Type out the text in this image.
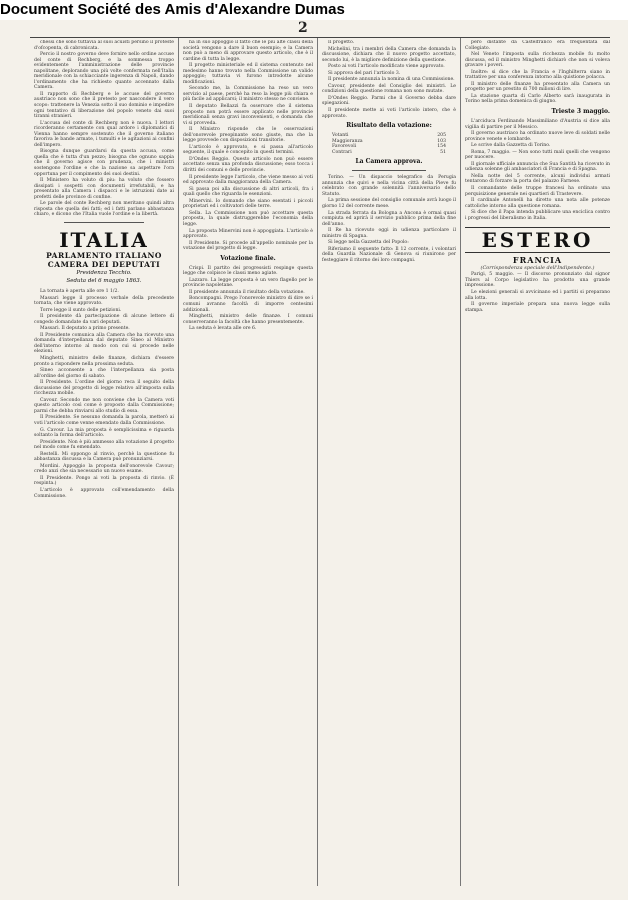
Document Société des Amis d'Alexandre Dumas
2

chessi che sono tuttavia al suoi acuisti persino il proteste d'ofcopenta, di cabronicata.

Percio il nostro governo deve fornire nello ordine accuse del conte di Rechberg, e la sommessa troppo evidentemente l'amministrazione delle provincie napolitane, deplorando una più volte confermata nell'Italia meridionale con la schiacciante ingerenza di Napoli, dando l'ordinamento che ha richiesto quanto accennato dalla Camera.

Il rapporto di Rechberg e le accuse del governo austriaco non sono che il pretesto per nascondere il vero scopo: trattenere la Venezia sotto il suo dominio e impedire ogni tentativo di liberazione del popolo veneto dai suoi tiranni stranieri.

L'accusa del conte di Rechberg non è nuova. I lettori ricorderanno certamente con qual ardore i diplomatici di Vienna hanno sempre sostenuto che il governo italiano favoriva le bande armate, i tumulti e le agitazioni ai confini dell'impero.

Bisogna dunque guardarsi da questa accusa, come quella che è tutta d'un pezzo; bisogna che ognuno sappia che il governo agisce con prudenza, che i ministri sostengono l'ordine e che la nazione sa aspettare l'ora opportuna per il compimento dei suoi destini.

Il Ministero ha voluto di piu: ha voluto che fossero dissipati i sospetti con documenti irrefutabili, e ha presentato alla Camera i dispacci e le istruzioni date ai prefetti delle province di confine.

Le parole del conte Rechberg non meritano quindi altra risposta che quella dei fatti; ed i fatti parlano abbastanza chiaro, e dicono che l'Italia vuole l'ordine e la libertà.

ITALIA
PARLAMENTO ITALIANO
CAMERA DEI DEPUTATI
Presidenza Tecchio.
Seduta del 6 maggio 1863.

La tornata è aperta alle ore 1 1/2.

Massari legge il processo verbale della precedente tornata, che viene approvato.

Torre legge il sunto delle petizioni.

Il presidente dà partecipazione di alcune lettere di congedo domandate da vari deputati.

Massari. Il deputato a primo presente.

Il Presidente comunica alla Camera che ha ricevuto una domanda d'interpellanza dal deputato Sineo al Ministro dell'interno intorno al modo con cui si procede nelle elezioni.

Minghetti, ministro delle finanze, dichiara d'essere pronto a rispondere nella prossima seduta.

Sineo acconsente a che l'interpellanza sia posta all'ordine del giorno di sabato.

Il Presidente. L'ordine del giorno reca il seguito della discussione del progetto di legge relativo all'imposta sulla ricchezza mobile.

Cavour. Secondo me non conviene che la Camera voti questo articolo così come è proposto dalla Commissione; parmi che debba rinviarsi allo studio di essa.

Il Presidente. Se nessuno domanda la parola, metterò ai voti l'articolo come venne emendato dalla Commissione.

G. Cavour. La mia proposta è semplicissima e riguarda soltanto la forma dell'articolo.

Presidente. Non è più ammesso alla votazione il progetto nel modo come fu emendato.

Restelli. Mi oppongo al rinvio, perchè la questione fu abbastanza discussa e la Camera può pronunziarsi.

Mordini. Appoggio la proposta dell'onorevole Cavour; credo anzi che sia necessario un nuovo esame.

Il Presidente. Pongo ai voti la proposta di rinvio. (È respinta.)

L'articolo è approvato coll'emendamento della Commissione.

ha in suo appoggio il fatto che le più alte classi della società vengono a dare il buon esempio; e la Camera non può a meno di approvare questo articolo, che è il cardine di tutta la legge.

Il progetto ministeriale ed il sistema contenuto nel medesimo hanno trovato nella Commissione un valido appoggio; tuttavia vi furono introdotte alcune modificazioni.

Secondo me, la Commissione ha reso un vero servizio al paese, perchè ha reso la legge più chiara e più facile ad applicarsi; il ministro stesso ne conviene.

Il deputato Bellazzi fa osservare che il sistema proposto non potrà essere applicato nelle provincie meridionali senza gravi inconvenienti, e domanda che vi si provveda.

Il Ministro risponde che le osservazioni dell'onorevole preopinante sono giuste, ma che la legge provvede con disposizioni transitorie.

L'articolo è approvato, e si passa all'articolo seguente, il quale è concepito in questi termini.

D'Ondes Reggio. Questo articolo non può essere accettato senza una profonda discussione; esso tocca i diritti dei comuni e delle provincie.

Il presidente legge l'articolo, che viene messo ai voti ed approvato dalla maggioranza della Camera.

Si passa poi alla discussione di altri articoli, fra i quali quello che riguarda le esenzioni.

Minervini. Io domando che siano esentati i piccoli proprietari ed i coltivatori delle terre.

Sella. La Commissione non può accettare questa proposta, la quale distruggerebbe l'economia della legge.

La proposta Minervini non è appoggiata. L'articolo è approvato.

Il Presidente. Si procede all'appello nominale per la votazione del progetto di legge.

Votazione finale.

Crispi. Il partito dei progressisti respinge questa legge che colpisce le classi meno agiate.

Lazzaro. La legge proposta è un vero flagello per le provincie napoletane.

Il presidente annunzia il risultato della votazione.

Boncompagni. Prego l'onorevole ministro di dire se i comuni avranno facoltà di imporre centesimi addizionali.

Minghetti, ministro delle finanze. I comuni conserveranno la facoltà che hanno presentemente.

La seduta è levata alle ore 6.

Il progetto.

Michelini, tra i membri della Camera che domanda la discussione, dichiara che il nuovo progetto accettato, secondo lui, è la migliore definizione della questione.

Posto ai voti l'articolo modificato viene approvato.

Si approva del pari l'articolo 3.

Il presidente annunzia la nomina di una Commissione.

Cavour, presidente del Consiglio dei ministri. Le condizioni della questione romana non sono mutate.

D'Ondes Reggio. Parmi che il Governo debba dare spiegazioni.

Il presidente mette ai voti l'articolo intero, che è approvato.

Risultato della votazione:
Votanti	205
Maggioranza	103
Favorevoli	154
Contrari	51
La Camera approva.

Torino. — Un dispaccio telegrafico da Perugia annunzia che quivi e nella vicina città della Pieve fu celebrato con grande solennità l'anniversario dello Statuto.

La prima sessione del consiglio comunale avrà luogo il giorno 12 del corrente mese.

La strada ferrata da Bologna a Ancona è ormai quasi compiuta ed aprirà il servizio pubblico prima della fine dell'anno.

Il Re ha ricevuto oggi in udienza particolare il ministro di Spagna.

Si legge nella Gazzetta del Popolo:

Riferiamo il seguente fatto: Il 12 corrente, i volontari della Guardia Nazionale di Genova si riunirono per festeggiare il ritorno dei loro compagni.

però distante da Castelfranco era frequentata dal Collegiato.

Nel Veneto l'imposta sulla ricchezza mobile fu molto discussa, ed il ministro Minghetti dichiarò che non si voleva gravare i poveri.

Inoltre: si dice che la Francia e l'Inghilterra siano in trattative per una conferenza intorno alla quistione polacca.

Il ministro delle finanze ha presentato alla Camera un progetto per un prestito di 700 milioni di lire.

La stazione quarta di Carlo Alberto sarà inaugurata in Torino nella prima domenica di giugno.

Trieste 3 maggio.

L'arciduca Ferdinando Massimiliano d'Austria si dice alla vigilia di partire per il Messico.

Il governo austriaco ha ordinato nuove leve di soldati nelle province venete e lombarde.

Le scrive dalla Gazzetta di Torino.

Roma, 7 maggio. — Non sono tutti mali quelli che vengono per nuocere.

Il giornale ufficiale annuncia che Sua Santità ha ricevuto in udienza solenne gli ambasciatori di Francia e di Spagna.

Nella notte del 5 corrente, alcuni individui armati tentarono di forzare la porta del palazzo Farnese.

Il comandante delle truppe francesi ha ordinato una perquisizione generale nei quartieri di Trastevere.

Il cardinale Antonelli ha diretto una nota alle potenze cattoliche intorno alla questione romana.

Si dice che il Papa intenda pubblicare una enciclica contro i progressi del liberalismo in Italia.

ESTERO
FRANCIA
(Corrispondenza speciale dell'Indipendente.)

Parigi, 5 maggio. — Il discorso pronunziato dal signor Thiers al Corpo legislativo ha prodotto una grande impressione.

Le elezioni generali si avvicinano ed i partiti si preparano alla lotta.

Il governo imperiale prepara una nuova legge sulla stampa.
